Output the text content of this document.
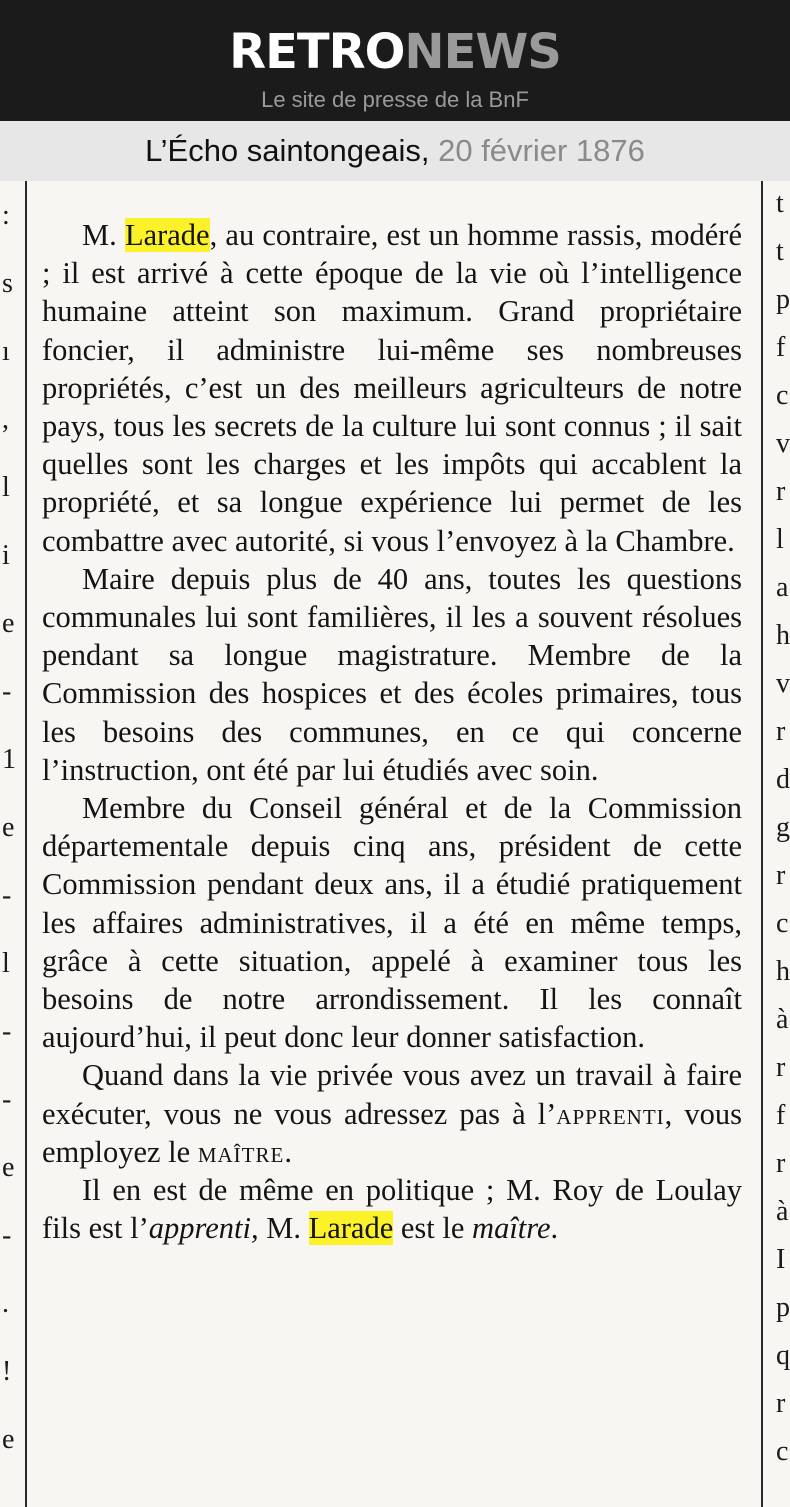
RETRONEWS
Le site de presse de la BnF
L’Écho saintongeais, 20 février 1876
:
s
ı
,
l
i
e
-
1
e
-
l
-
-
e
-
.
!
e
t
t
p
f
c
v
r
l
a
h
v
r
d
g
r
c
h
à
r
f
r
à
I
p
q
r
c

M. Larade, au contraire, est un homme rassis, modéré ; il est arrivé à cette époque de la vie où l’intelligence humaine atteint son maximum. Grand propriétaire foncier, il administre lui-même ses nombreuses propriétés, c’est un des meilleurs agriculteurs de notre pays, tous les secrets de la culture lui sont connus ; il sait quelles sont les charges et les impôts qui accablent la propriété, et sa longue expérience lui permet de les combattre avec autorité, si vous l’envoyez à la Chambre.

Maire depuis plus de 40 ans, toutes les questions communales lui sont familières, il les a souvent résolues pendant sa longue magistrature. Membre de la Commission des hospices et des écoles primaires, tous les besoins des communes, en ce qui concerne l’instruction, ont été par lui étudiés avec soin.

Membre du Conseil général et de la Commission départementale depuis cinq ans, président de cette Commission pendant deux ans, il a étudié pratiquement les affaires administratives, il a été en même temps, grâce à cette situation, appelé à examiner tous les besoins de notre arrondissement. Il les connaît aujourd’hui, il peut donc leur donner satisfaction.

Quand dans la vie privée vous avez un travail à faire exécuter, vous ne vous adressez pas à l’apprenti, vous employez le maître.

Il en est de même en politique ; M. Roy de Loulay fils est l’apprenti, M. Larade est le maître.
